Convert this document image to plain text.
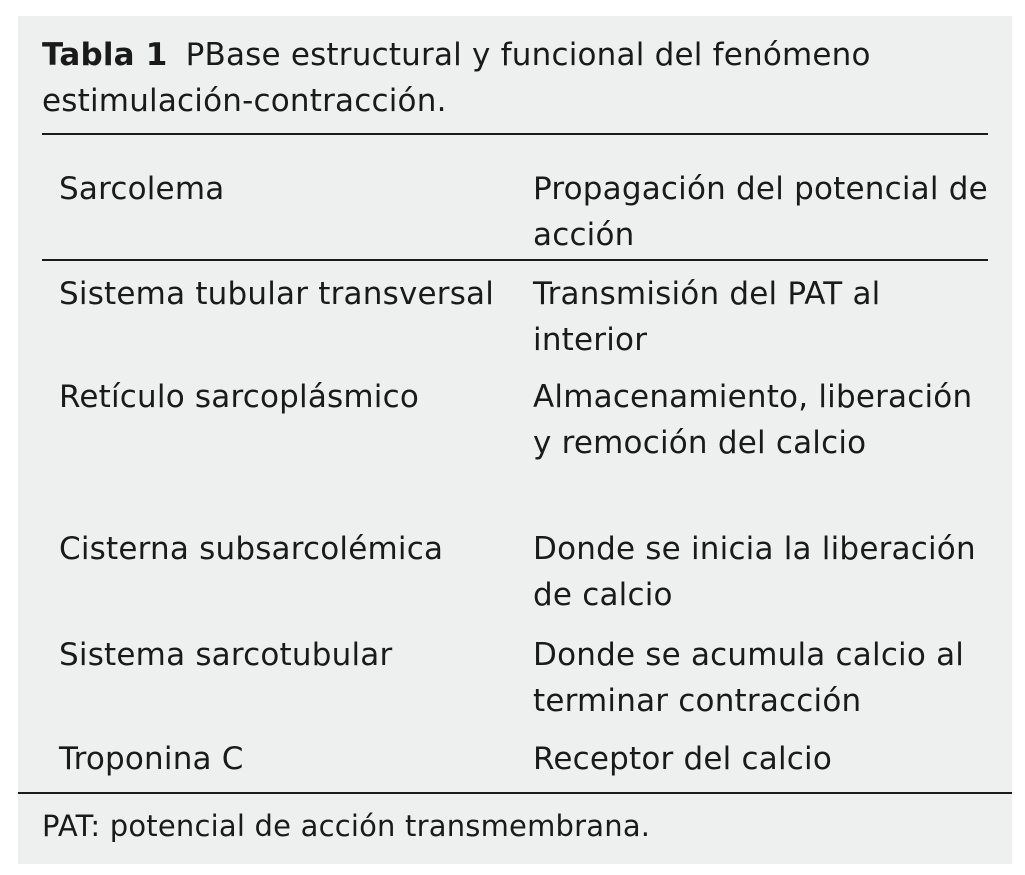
Tabla 1 PBase estructural y funcional del fenómeno estimulación-contracción.
Sarcolema	Propagación del potencial de acción
Sistema tubular transversal	Transmisión del PAT al interior
Retículo sarcoplásmico	Almacenamiento, liberación y remoción del calcio
Cisterna subsarcolémica	Donde se inicia la liberación de calcio
Sistema sarcotubular	Donde se acumula calcio al terminar contracción
Troponina C	Receptor del calcio
PAT: potencial de acción transmembrana.
